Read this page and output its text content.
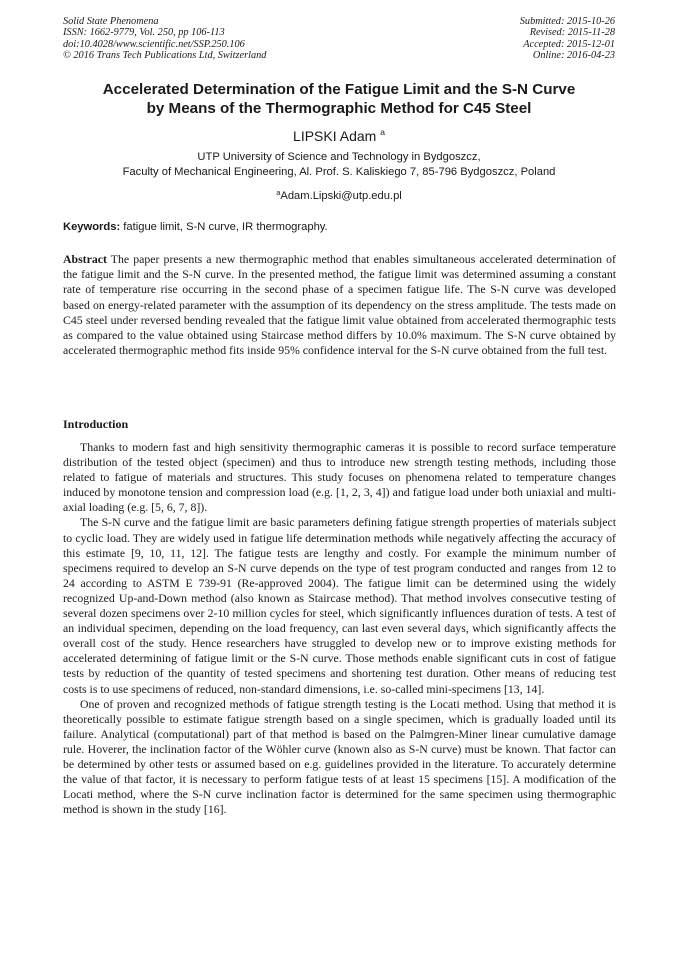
Solid State Phenomena
ISSN: 1662-9779, Vol. 250, pp 106-113
doi:10.4028/www.scientific.net/SSP.250.106
© 2016 Trans Tech Publications Ltd, Switzerland
Submitted: 2015-10-26
Revised: 2015-11-28
Accepted: 2015-12-01
Online: 2016-04-23
Accelerated Determination of the Fatigue Limit and the S-N Curve
by Means of the Thermographic Method for C45 Steel
LIPSKI Adam $^a$
UTP University of Science and Technology in Bydgoszcz,
Faculty of Mechanical Engineering, Al. Prof. S. Kaliskiego 7, 85-796 Bydgoszcz, Poland
$^a$Adam.Lipski@utp.edu.pl
Keywords: fatigue limit, S-N curve, IR thermography.
Abstract The paper presents a new thermographic method that enables simultaneous accelerated determination of the fatigue limit and the S-N curve. In the presented method, the fatigue limit was determined assuming a constant rate of temperature rise occurring in the second phase of a specimen fatigue life. The S-N curve was developed based on energy-related parameter with the assumption of its dependency on the stress amplitude. The tests made on C45 steel under reversed bending revealed that the fatigue limit value obtained from accelerated thermographic tests as compared to the value obtained using Staircase method differs by 10.0% maximum. The S-N curve obtained by accelerated thermographic method fits inside 95% confidence interval for the S-N curve obtained from the full test.
Introduction

Thanks to modern fast and high sensitivity thermographic cameras it is possible to record surface temperature distribution of the tested object (specimen) and thus to introduce new strength testing methods, including those related to fatigue of materials and structures. This study focuses on phenomena related to temperature changes induced by monotone tension and compression load (e.g. [1, 2, 3, 4]) and fatigue load under both uniaxial and multi-axial loading (e.g. [5, 6, 7, 8]).

The S-N curve and the fatigue limit are basic parameters defining fatigue strength properties of materials subject to cyclic load. They are widely used in fatigue life determination methods while negatively affecting the accuracy of this estimate [9, 10, 11, 12]. The fatigue tests are lengthy and costly. For example the minimum number of specimens required to develop an S-N curve depends on the type of test program conducted and ranges from 12 to 24 according to ASTM E 739-91 (Re-approved 2004). The fatigue limit can be determined using the widely recognized Up-and-Down method (also known as Staircase method). That method involves consecutive testing of several dozen specimens over 2-10 million cycles for steel, which significantly influences duration of tests. A test of an individual specimen, depending on the load frequency, can last even several days, which significantly affects the overall cost of the study. Hence researchers have struggled to develop new or to improve existing methods for accelerated determining of fatigue limit or the S-N curve. Those methods enable significant cuts in cost of fatigue tests by reduction of the quantity of tested specimens and shortening test duration. Other means of reducing test costs is to use specimens of reduced, non-standard dimensions, i.e. so-called mini-specimens [13, 14].

One of proven and recognized methods of fatigue strength testing is the Locati method. Using that method it is theoretically possible to estimate fatigue strength based on a single specimen, which is gradually loaded until its failure. Analytical (computational) part of that method is based on the Palmgren-Miner linear cumulative damage rule. Hoverer, the inclination factor of the Wöhler curve (known also as S-N curve) must be known. That factor can be determined by other tests or assumed based on e.g. guidelines provided in the literature. To accurately determine the value of that factor, it is necessary to perform fatigue tests of at least 15 specimens [15]. A modification of the Locati method, where the S-N curve inclination factor is determined for the same specimen using thermographic method is shown in the study [16].
